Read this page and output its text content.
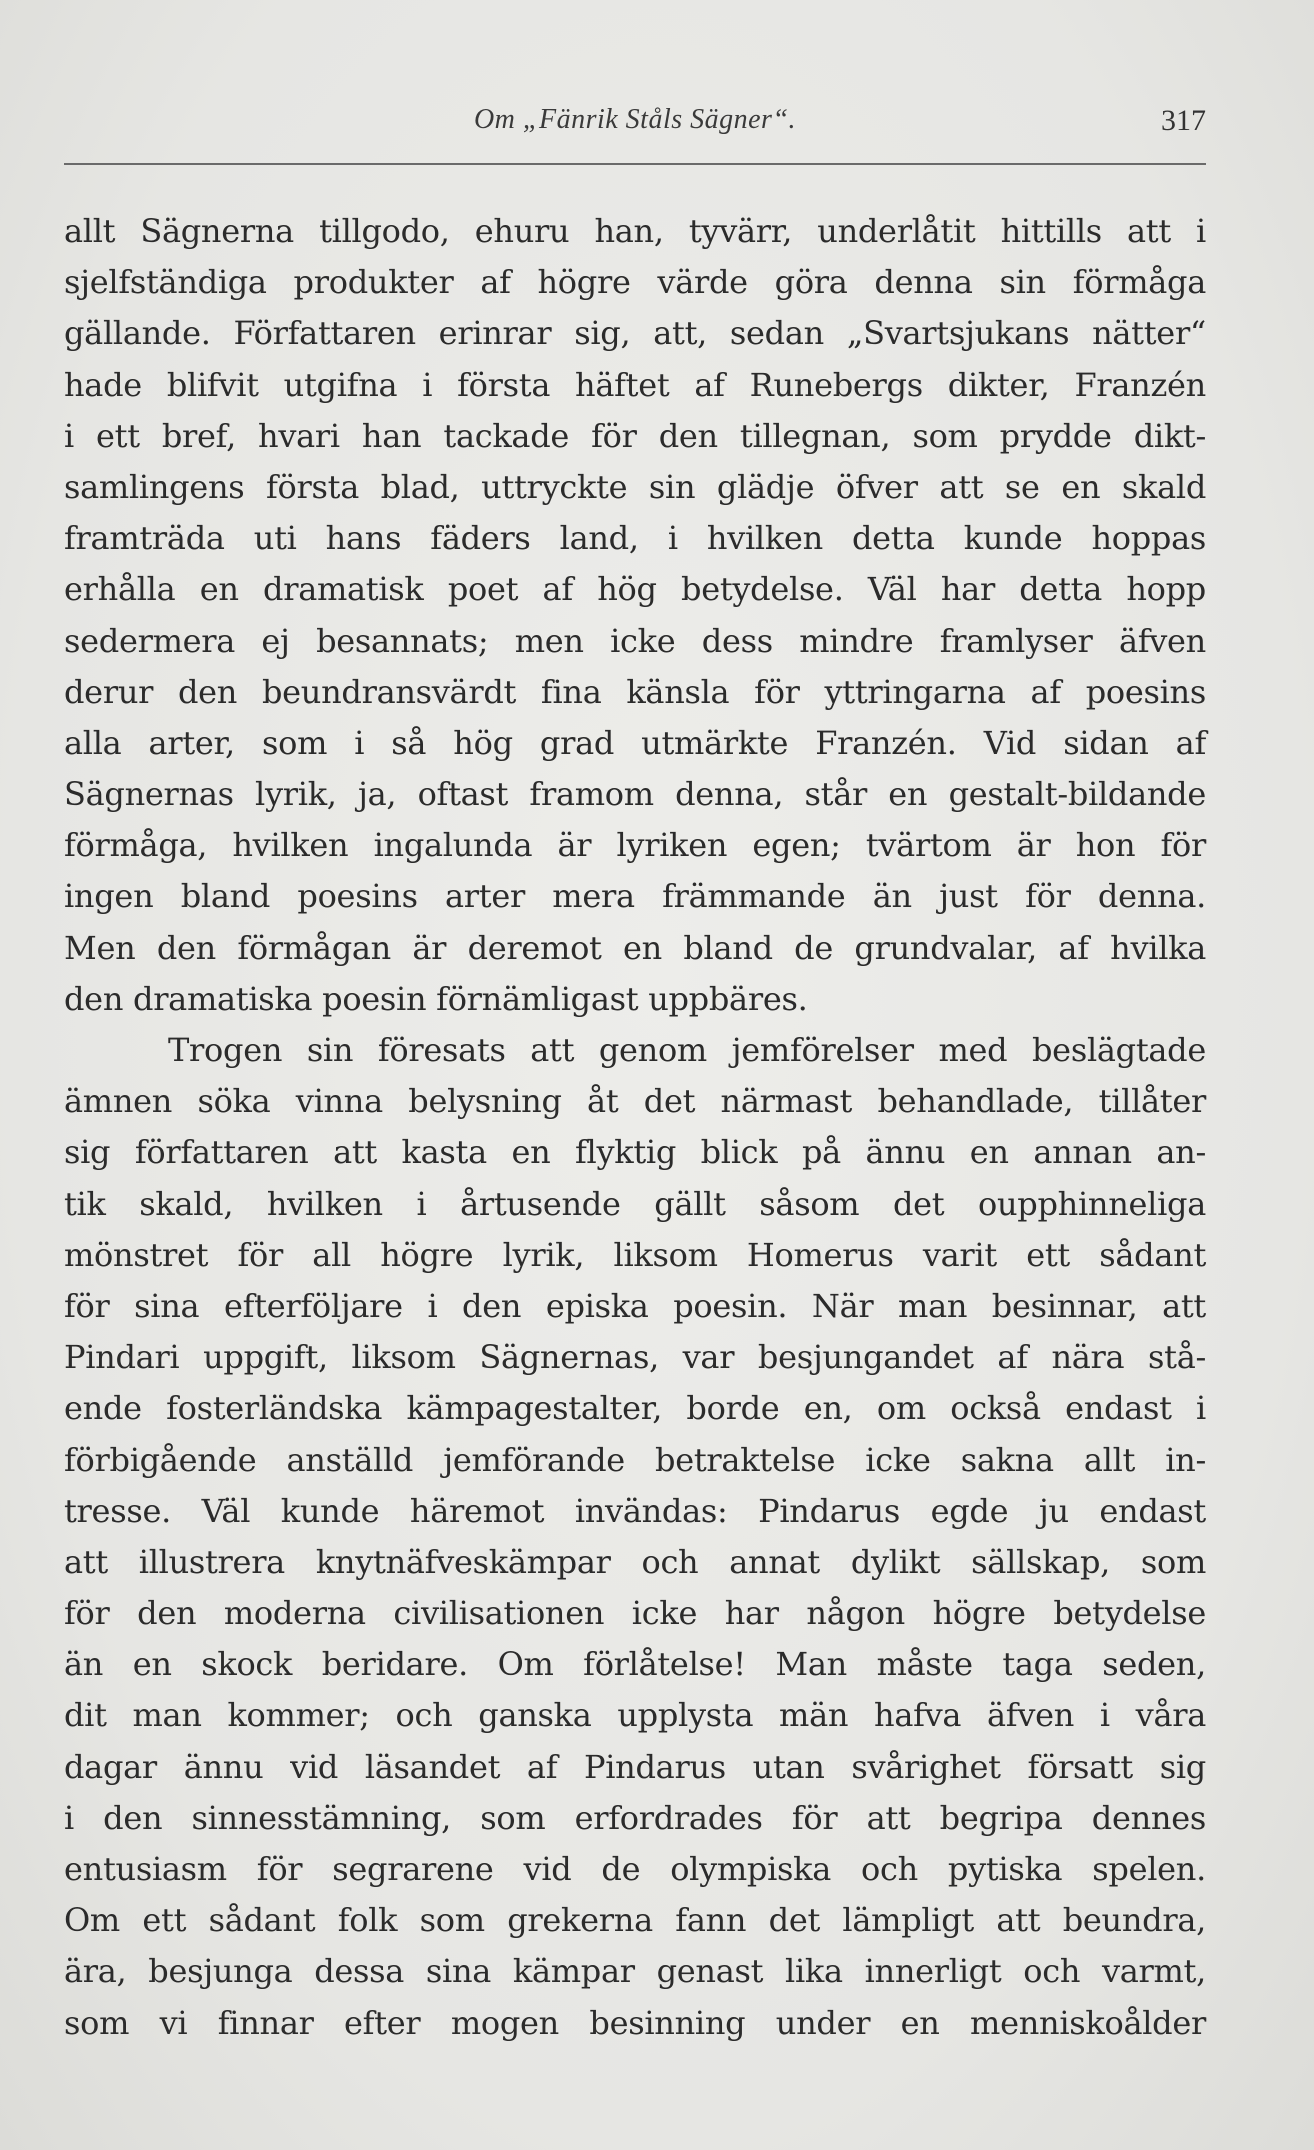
Om „Fänrik Ståls Sägner“.	317
allt Sägnerna tillgodo, ehuru han, tyvärr, underlåtit hittills att i
sjelfständiga produkter af högre värde göra denna sin förmåga
gällande. Författaren erinrar sig, att, sedan „Svartsjukans nätter“
hade blifvit utgifna i första häftet af Runebergs dikter, Franzén
i ett bref, hvari han tackade för den tillegnan, som prydde dikt-
samlingens första blad, uttryckte sin glädje öfver att se en skald
framträda uti hans fäders land, i hvilken detta kunde hoppas
erhålla en dramatisk poet af hög betydelse. Väl har detta hopp
sedermera ej besannats; men icke dess mindre framlyser äfven
derur den beundransvärdt fina känsla för yttringarna af poesins
alla arter, som i så hög grad utmärkte Franzén. Vid sidan af
Sägnernas lyrik, ja, oftast framom denna, står en gestalt-bildande
förmåga, hvilken ingalunda är lyriken egen; tvärtom är hon för
ingen bland poesins arter mera främmande än just för denna.
Men den förmågan är deremot en bland de grundvalar, af hvilka
den dramatiska poesin förnämligast uppbäres.
Trogen sin föresats att genom jemförelser med beslägtade
ämnen söka vinna belysning åt det närmast behandlade, tillåter
sig författaren att kasta en flyktig blick på ännu en annan an-
tik skald, hvilken i årtusende gällt såsom det oupphinneliga
mönstret för all högre lyrik, liksom Homerus varit ett sådant
för sina efterföljare i den episka poesin. När man besinnar, att
Pindari uppgift, liksom Sägnernas, var besjungandet af nära stå-
ende fosterländska kämpagestalter, borde en, om också endast i
förbigående anställd jemförande betraktelse icke sakna allt in-
tresse. Väl kunde häremot invändas: Pindarus egde ju endast
att illustrera knytnäfveskämpar och annat dylikt sällskap, som
för den moderna civilisationen icke har någon högre betydelse
än en skock beridare. Om förlåtelse! Man måste taga seden,
dit man kommer; och ganska upplysta män hafva äfven i våra
dagar ännu vid läsandet af Pindarus utan svårighet försatt sig
i den sinnesstämning, som erfordrades för att begripa dennes
entusiasm för segrarene vid de olympiska och pytiska spelen.
Om ett sådant folk som grekerna fann det lämpligt att beundra,
ära, besjunga dessa sina kämpar genast lika innerligt och varmt,
som vi finnar efter mogen besinning under en menniskoålder
